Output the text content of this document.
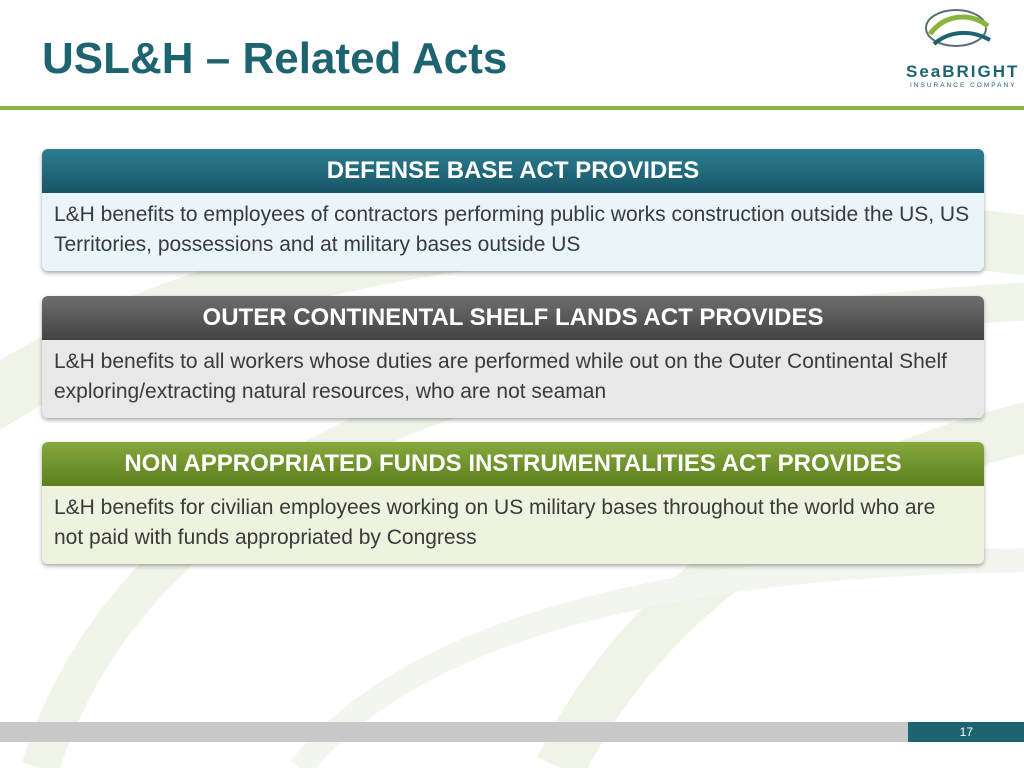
USL&H – Related Acts	SeaBRIGHT
INSURANCE COMPANY
DEFENSE BASE ACT PROVIDES
L&H benefits to employees of contractors performing public works construction outside the US, US Territories, possessions and at military bases outside US
OUTER CONTINENTAL SHELF LANDS ACT PROVIDES
L&H benefits to all workers whose duties are performed while out on the Outer Continental Shelf exploring/extracting natural resources, who are not seaman
NON APPROPRIATED FUNDS INSTRUMENTALITIES ACT PROVIDES
L&H benefits for civilian employees working on US military bases throughout the world who are not paid with funds appropriated by Congress
17
